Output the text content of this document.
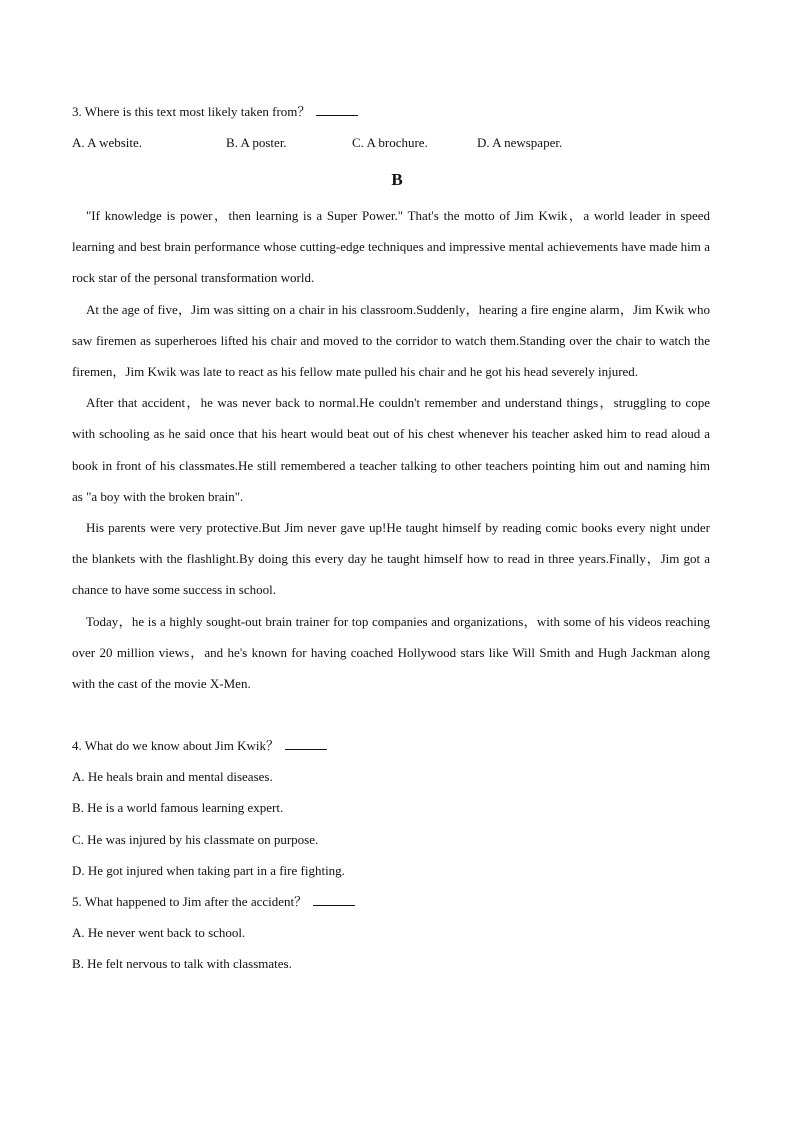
3. Where is this text most likely taken from？
A. A website.	B. A poster.	C. A brochure.	D. A newspaper.
B
"If knowledge is power，then learning is a Super Power." That's the motto of Jim Kwik，a world leader in speed learning and best brain performance whose cutting-edge techniques and impressive mental achievements have made him a rock star of the personal transformation world.
At the age of five，Jim was sitting on a chair in his classroom.Suddenly，hearing a fire engine alarm，Jim Kwik who saw firemen as superheroes lifted his chair and moved to the corridor to watch them.Standing over the chair to watch the firemen，Jim Kwik was late to react as his fellow mate pulled his chair and he got his head severely injured.
After that accident，he was never back to normal.He couldn't remember and understand things，struggling to cope with schooling as he said once that his heart would beat out of his chest whenever his teacher asked him to read aloud a book in front of his classmates.He still remembered a teacher talking to other teachers pointing him out and naming him as "a boy with the broken brain".
His parents were very protective.But Jim never gave up!He taught himself by reading comic books every night under the blankets with the flashlight.By doing this every day he taught himself how to read in three years.Finally，Jim got a chance to have some success in school.
Today，he is a highly sought-out brain trainer for top companies and organizations，with some of his videos reaching over 20 million views，and he's known for having coached Hollywood stars like Will Smith and Hugh Jackman along with the cast of the movie X-Men.
4. What do we know about Jim Kwik？
A. He heals brain and mental diseases.
B. He is a world famous learning expert.
C. He was injured by his classmate on purpose.
D. He got injured when taking part in a fire fighting.
5. What happened to Jim after the accident？
A. He never went back to school.
B. He felt nervous to talk with classmates.
